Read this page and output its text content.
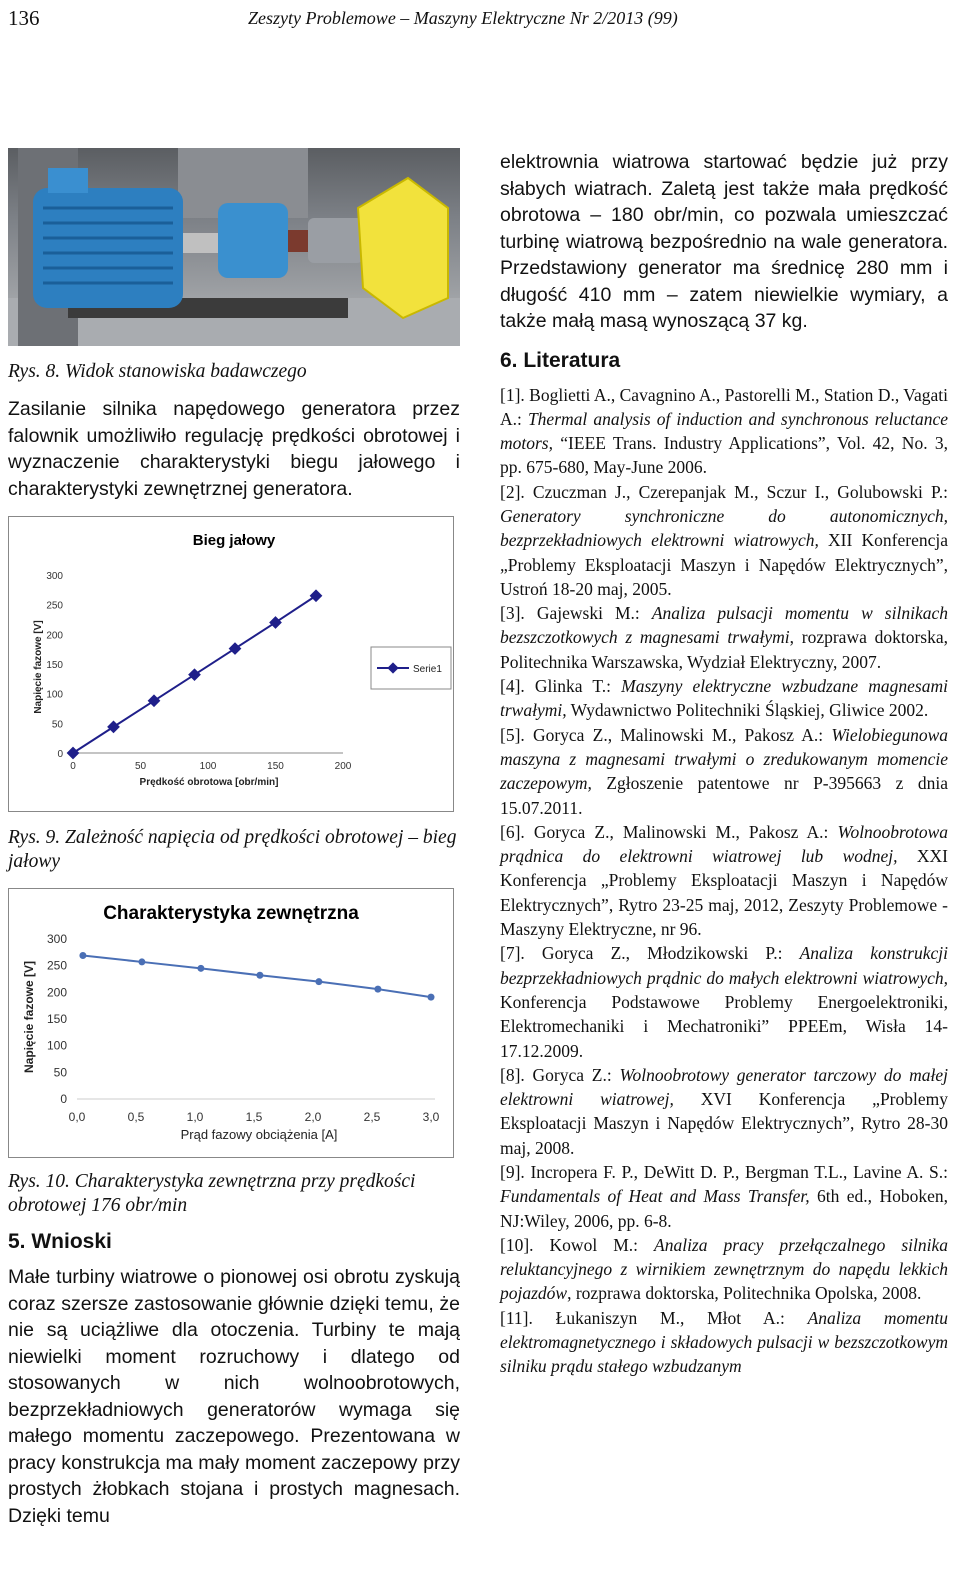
136	Zeszyty Problemowe – Maszyny Elektryczne Nr 2/2013 (99)

Rys. 8. Widok stanowiska badawczego

Zasilanie silnika napędowego generatora przez falownik umożliwiło regulację prędkości obrotowej i wyznaczenie charakterystyki biegu jałowego i charakterystyki zewnętrznej generatora.

Bieg jałowy
Napięcie fazowe [V]
Prędkość obrotowa [obr/min]
0
50
100
150
200
250
300
0	50	100	150	200
Serie1

Rys. 9. Zależność napięcia od prędkości obrotowej – bieg jałowy

Charakterystyka zewnętrzna
Napięcie fazowe [V]
Prąd fazowy obciążenia [A]
0
50
100
150
200
250
300
0,0	0,5	1,0	1,5	2,0	2,5	3,0

Rys. 10. Charakterystyka zewnętrzna przy prędkości obrotowej 176 obr/min

5. Wnioski

Małe turbiny wiatrowe o pionowej osi obrotu zyskują coraz szersze zastosowanie głównie dzięki temu, że nie są uciążliwe dla otoczenia. Turbiny te mają niewielki moment rozruchowy i dlatego od stosowanych w nich wolnoobrotowych, bezprzekładniowych generatorów wymaga się małego momentu zaczepowego. Prezentowana w pracy konstrukcja ma mały moment zaczepowy przy prostych żłobkach stojana i prostych magnesach. Dzięki temu

elektrownia wiatrowa startować będzie już przy słabych wiatrach. Zaletą jest także mała prędkość obrotowa – 180 obr/min, co pozwala umieszczać turbinę wiatrową bezpośrednio na wale generatora. Przedstawiony generator ma średnicę 280 mm i długość 410 mm – zatem niewielkie wymiary, a także małą masą wynoszącą 37 kg.

6. Literatura

[1]. Boglietti A., Cavagnino A., Pastorelli M., Station D., Vagati A.: Thermal analysis of induction and synchronous reluctance motors, “IEEE Trans. Industry Applications”, Vol. 42, No. 3, pp. 675-680, May-June 2006.

[2]. Czuczman J., Czerepanjak M., Sczur I., Golubowski P.: Generatory synchroniczne do autonomicznych, bezprzekładniowych elektrowni wiatrowych, XII Konferencja „Problemy Eksploatacji Maszyn i Napędów Elektrycznych”, Ustroń 18-20 maj, 2005.

[3]. Gajewski M.: Analiza pulsacji momentu w silnikach bezszczotkowych z magnesami trwałymi, rozprawa doktorska, Politechnika Warszawska, Wydział Elektryczny, 2007.

[4]. Glinka T.: Maszyny elektryczne wzbudzane magnesami trwałymi, Wydawnictwo Politechniki Śląskiej, Gliwice 2002.

[5]. Goryca Z., Malinowski M., Pakosz A.: Wielobiegunowa maszyna z magnesami trwałymi o zredukowanym momencie zaczepowym, Zgłoszenie patentowe nr P-395663 z dnia 15.07.2011.

[6]. Goryca Z., Malinowski M., Pakosz A.: Wolnoobrotowa prądnica do elektrowni wiatrowej lub wodnej, XXI Konferencja „Problemy Eksploatacji Maszyn i Napędów Elektrycznych”, Rytro 23-25 maj, 2012, Zeszyty Problemowe - Maszyny Elektryczne, nr 96.

[7]. Goryca Z., Młodzikowski P.: Analiza konstrukcji bezprzekładniowych prądnic do małych elektrowni wiatrowych, Konferencja Podstawowe Problemy Energoelektroniki, Elektromechaniki i Mechatroniki” PPEEm, Wisła 14-17.12.2009.

[8]. Goryca Z.: Wolnoobrotowy generator tarczowy do małej elektrowni wiatrowej, XVI Konferencja „Problemy Eksploatacji Maszyn i Napędów Elektrycznych”, Rytro 28-30 maj, 2008.

[9]. Incropera F. P., DeWitt D. P., Bergman T.L., Lavine A. S.: Fundamentals of Heat and Mass Transfer, 6th ed., Hoboken, NJ:Wiley, 2006, pp. 6-8.

[10]. Kowol M.: Analiza pracy przełączalnego silnika reluktancyjnego z wirnikiem zewnętrznym do napędu lekkich pojazdów, rozprawa doktorska, Politechnika Opolska, 2008.

[11]. Łukaniszyn M., Młot A.: Analiza momentu elektromagnetycznego i składowych pulsacji w bezszczotkowym silniku prądu stałego wzbudzanym
